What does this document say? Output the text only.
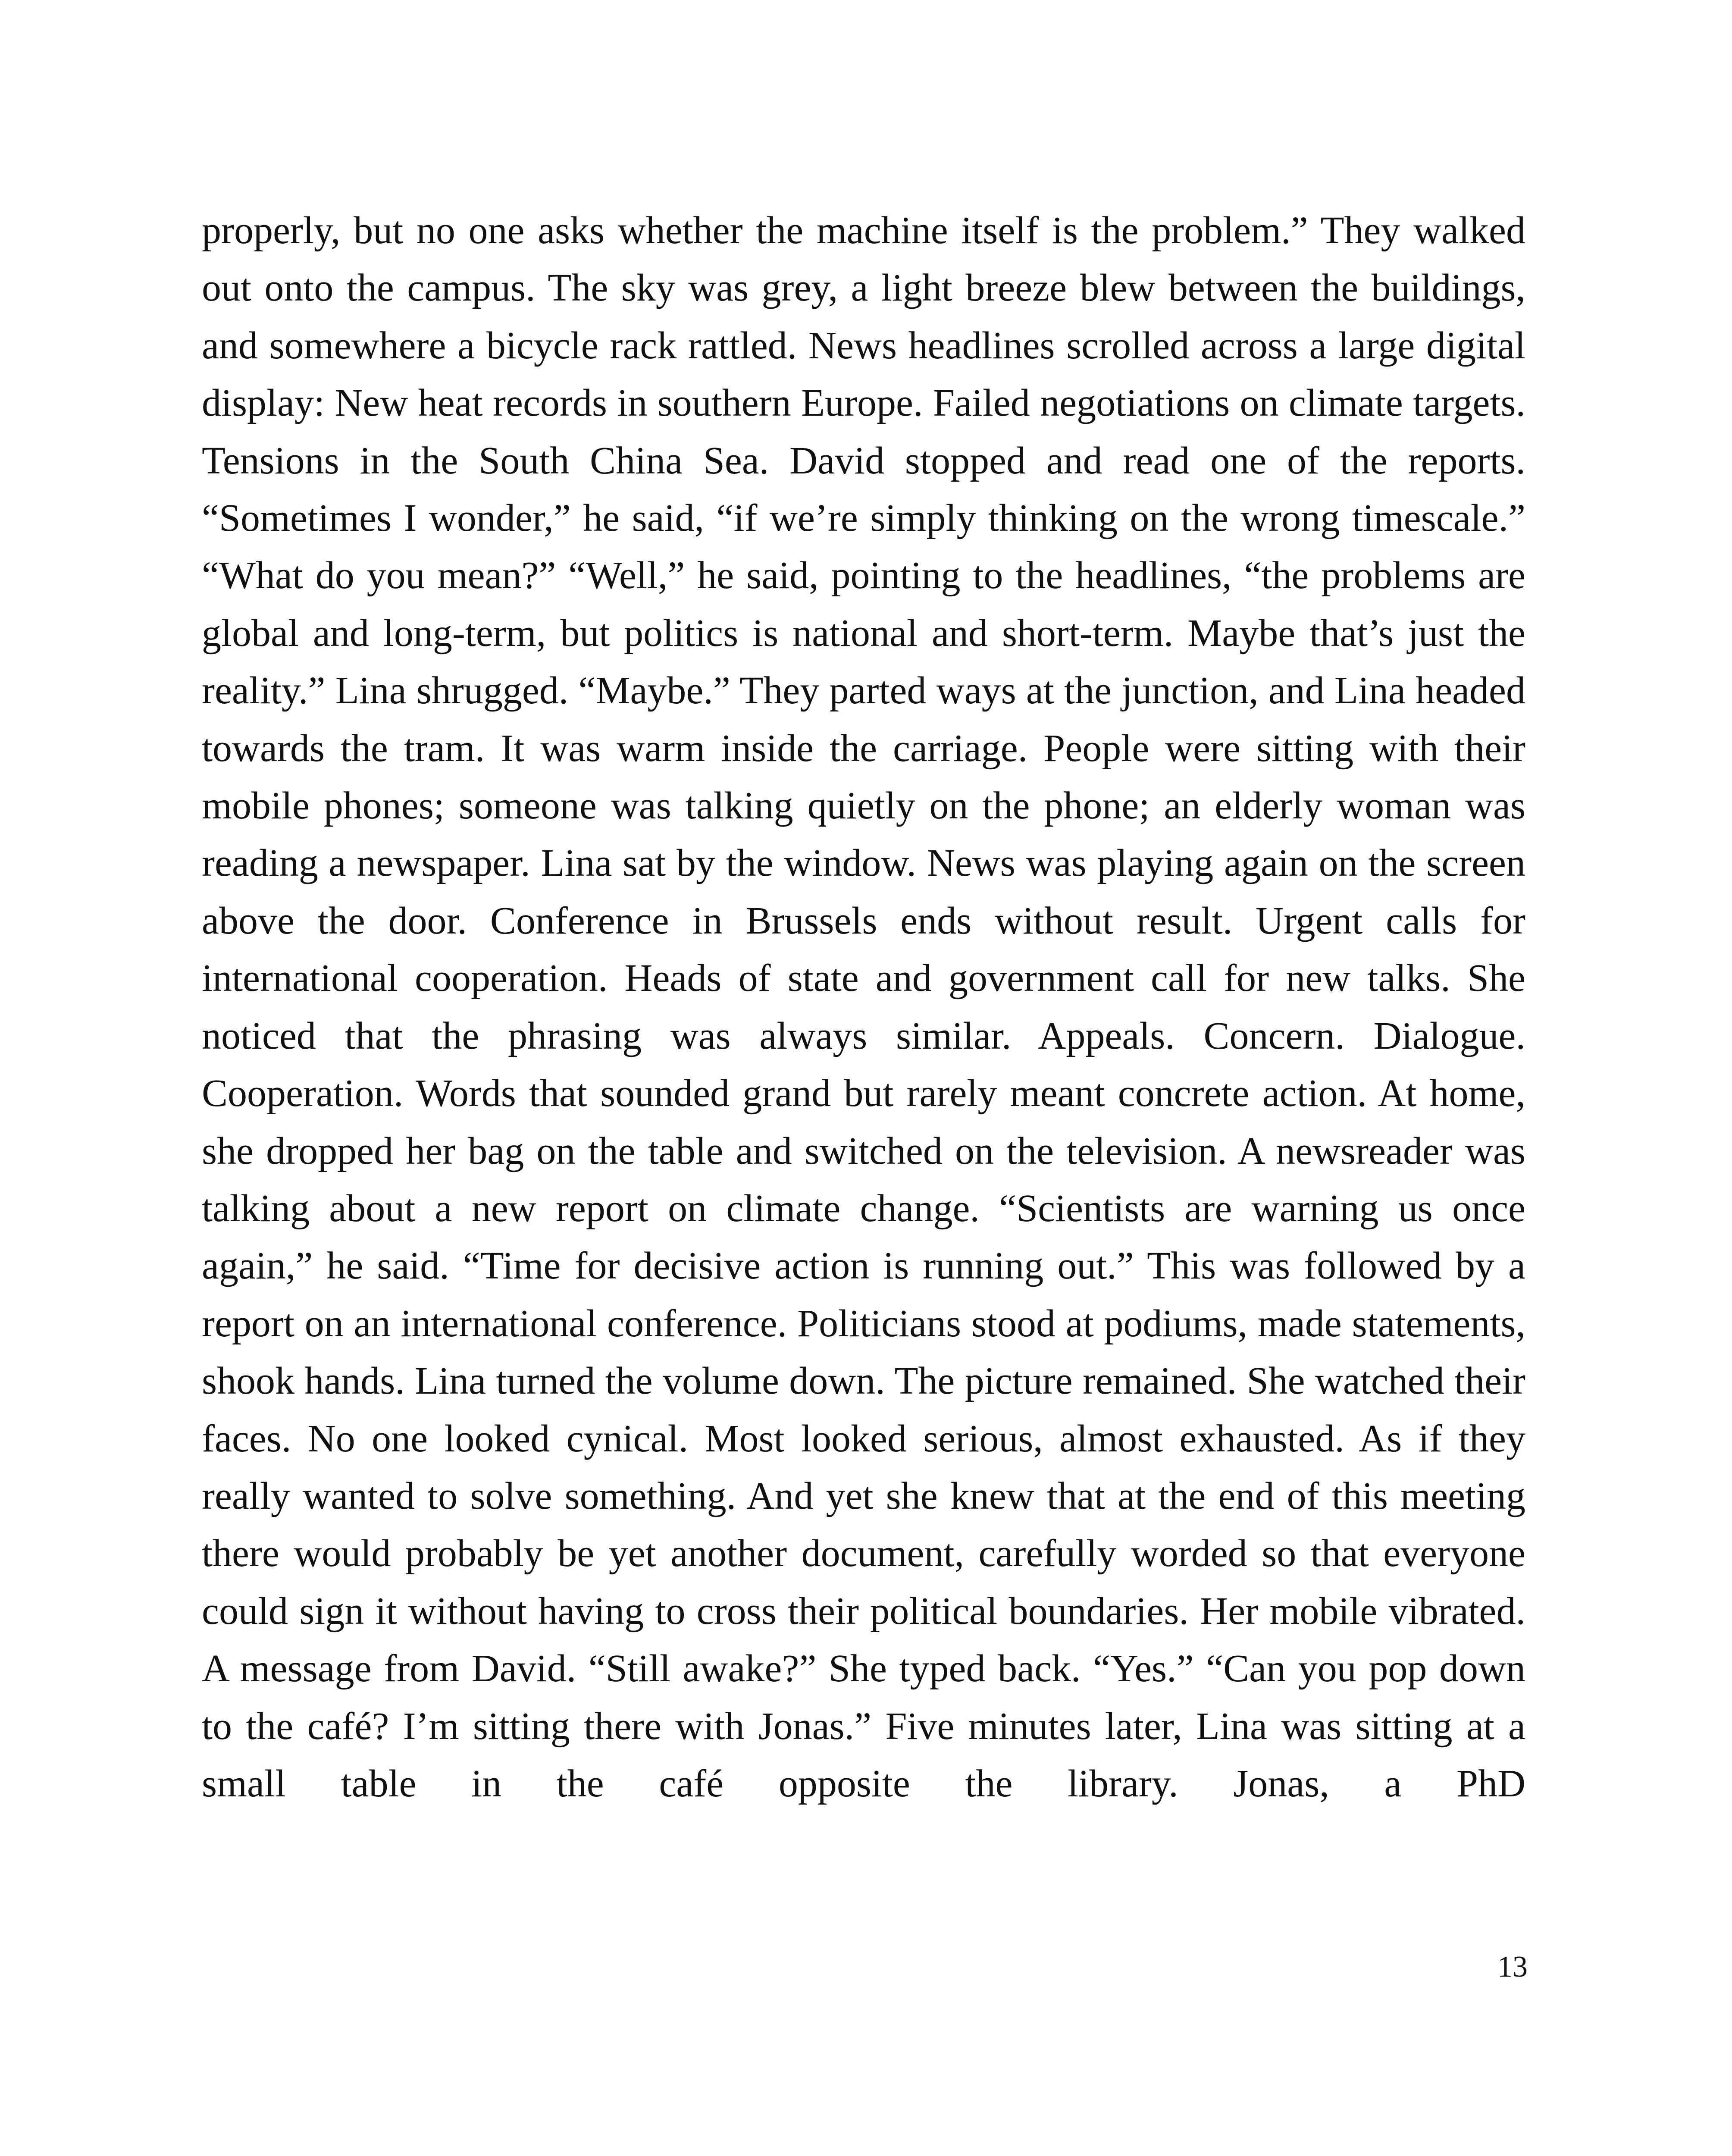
properly, but no one asks whether the machine itself is the problem.” They walked out onto the campus. The sky was grey, a light breeze blew between the buildings, and somewhere a bicycle rack rattled. News headlines scrolled across a large digital display: New heat records in southern Europe. Failed negotiations on climate targets. Tensions in the South China Sea. David stopped and read one of the reports. “Sometimes I wonder,” he said, “if we’re simply thinking on the wrong timescale.” “What do you mean?” “Well,” he said, pointing to the headlines, “the problems are global and long-term, but politics is national and short-term. Maybe that’s just the reality.” Lina shrugged. “Maybe.” They parted ways at the junction, and Lina headed towards the tram. It was warm inside the carriage. People were sitting with their mobile phones; someone was talking quietly on the phone; an elderly woman was reading a newspaper. Lina sat by the window. News was playing again on the screen above the door. Conference in Brussels ends without result. Urgent calls for international cooperation. Heads of state and government call for new talks. She noticed that the phrasing was always similar. Appeals. Concern. Dialogue. Cooperation. Words that sounded grand but rarely meant concrete action. At home, she dropped her bag on the table and switched on the television. A newsreader was talking about a new report on climate change. “Scientists are warning us once again,” he said. “Time for decisive action is running out.” This was followed by a report on an international conference. Politicians stood at podiums, made statements, shook hands. Lina turned the volume down. The picture remained. She watched their faces. No one looked cynical. Most looked serious, almost exhausted. As if they really wanted to solve something. And yet she knew that at the end of this meeting there would probably be yet another document, carefully worded so that everyone could sign it without having to cross their political boundaries. Her mobile vibrated. A message from David. “Still awake?” She typed back. “Yes.” “Can you pop down to the café? I’m sitting there with Jonas.” Five minutes later, Lina was sitting at a small table in the café opposite the library. Jonas, a PhD

13
